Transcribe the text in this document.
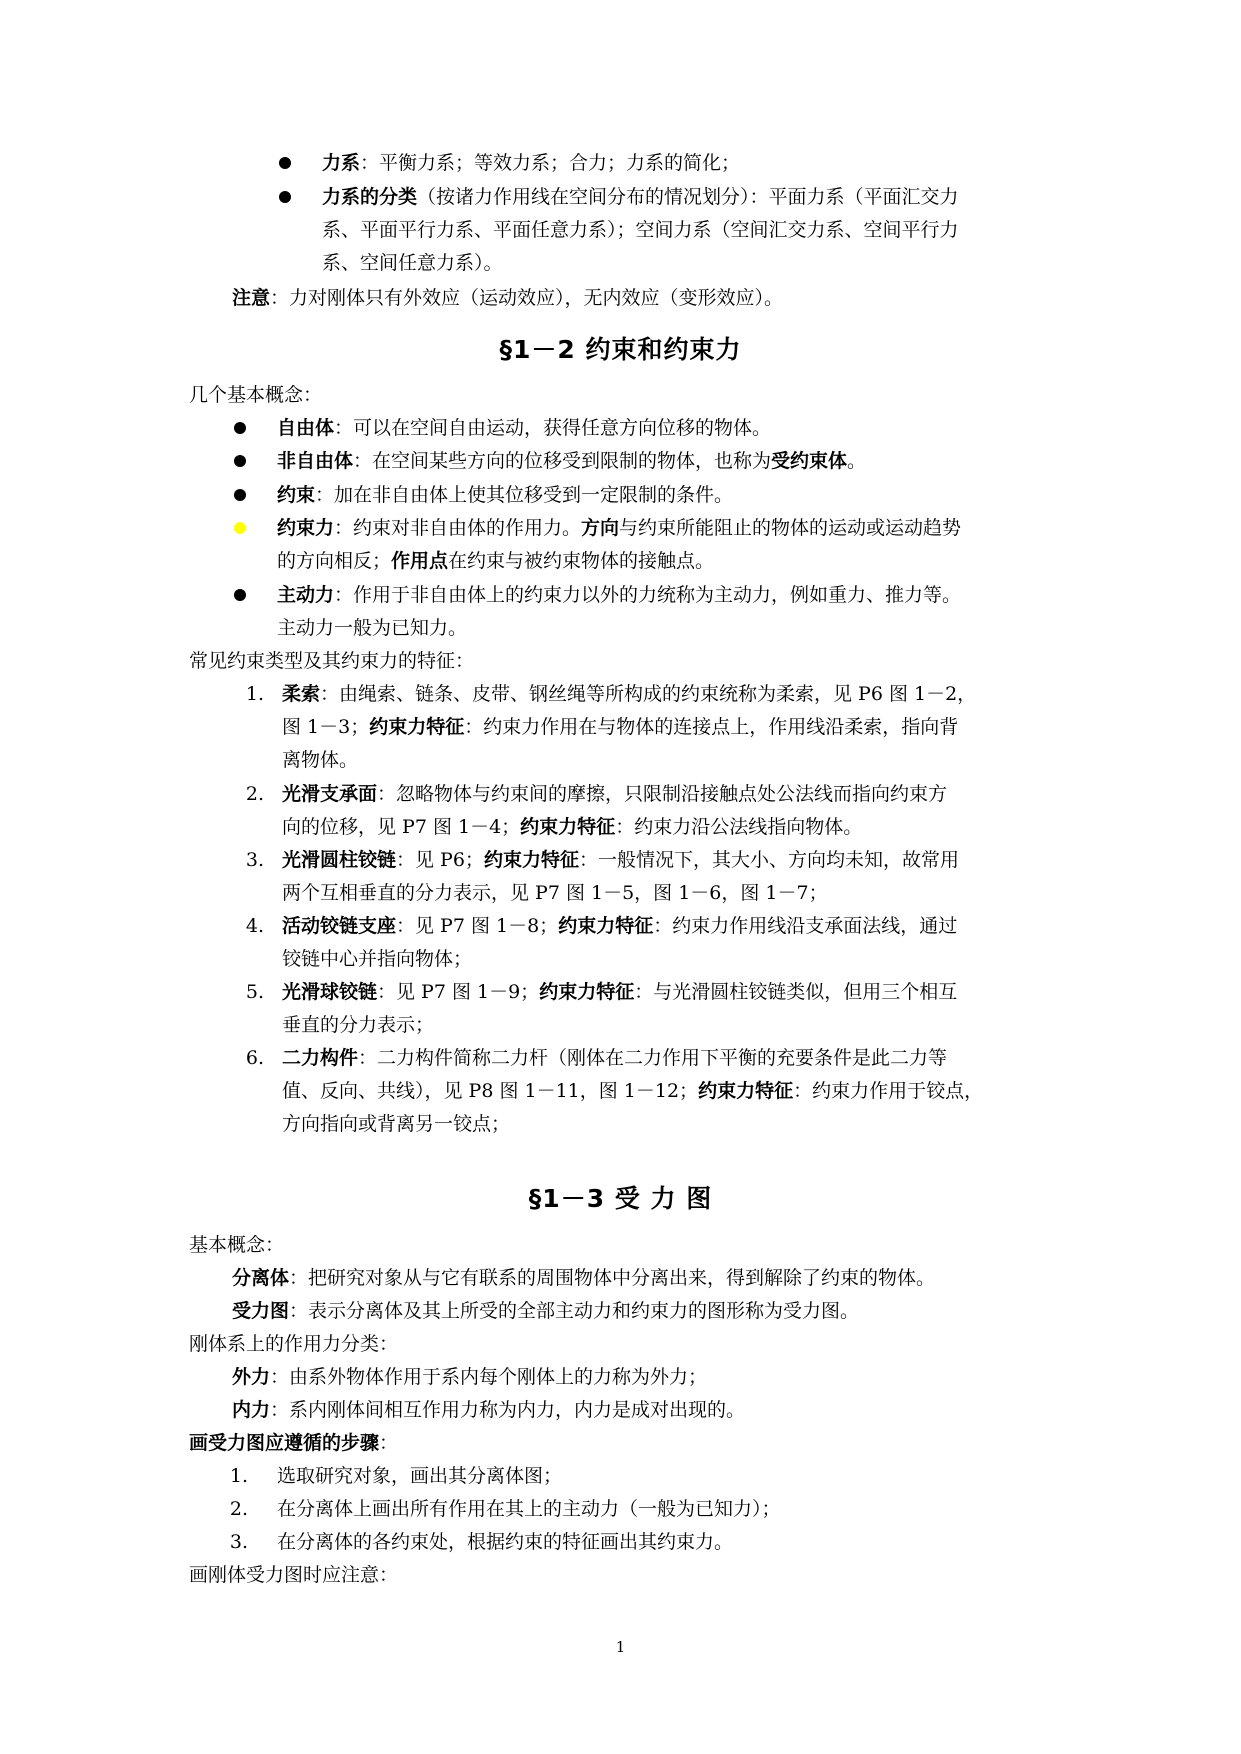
力系：平衡力系；等效力系；合力；力系的简化；
力系的分类（按诸力作用线在空间分布的情况划分）：平面力系（平面汇交力
系、平面平行力系、平面任意力系）；空间力系（空间汇交力系、空间平行力
系、空间任意力系）。
注意：力对刚体只有外效应（运动效应），无内效应（变形效应）。
§1－2 约束和约束力
几个基本概念：
自由体：可以在空间自由运动，获得任意方向位移的物体。
非自由体：在空间某些方向的位移受到限制的物体，也称为受约束体。
约束：加在非自由体上使其位移受到一定限制的条件。
约束力：约束对非自由体的作用力。方向与约束所能阻止的物体的运动或运动趋势
的方向相反；作用点在约束与被约束物体的接触点。
主动力：作用于非自由体上的约束力以外的力统称为主动力，例如重力、推力等。
主动力一般为已知力。
常见约束类型及其约束力的特征：
1. 柔索：由绳索、链条、皮带、钢丝绳等所构成的约束统称为柔索，见 P6 图 1－2，
图 1－3；约束力特征：约束力作用在与物体的连接点上，作用线沿柔索，指向背
离物体。
2. 光滑支承面：忽略物体与约束间的摩擦，只限制沿接触点处公法线而指向约束方
向的位移，见 P7 图 1－4；约束力特征：约束力沿公法线指向物体。
3. 光滑圆柱铰链：见 P6；约束力特征：一般情况下，其大小、方向均未知，故常用
两个互相垂直的分力表示，见 P7 图 1－5，图 1－6，图 1－7；
4. 活动铰链支座：见 P7 图 1－8；约束力特征：约束力作用线沿支承面法线，通过
铰链中心并指向物体；
5. 光滑球铰链：见 P7 图 1－9；约束力特征：与光滑圆柱铰链类似，但用三个相互
垂直的分力表示；
6. 二力构件：二力构件简称二力杆（刚体在二力作用下平衡的充要条件是此二力等
值、反向、共线），见 P8 图 1－11，图 1－12；约束力特征：约束力作用于铰点，
方向指向或背离另一铰点；
§1－3 受 力 图
基本概念：
分离体：把研究对象从与它有联系的周围物体中分离出来，得到解除了约束的物体。
受力图：表示分离体及其上所受的全部主动力和约束力的图形称为受力图。
刚体系上的作用力分类：
外力：由系外物体作用于系内每个刚体上的力称为外力；
内力：系内刚体间相互作用力称为内力，内力是成对出现的。
画受力图应遵循的步骤：
1. 选取研究对象，画出其分离体图；
2. 在分离体上画出所有作用在其上的主动力（一般为已知力）；
3. 在分离体的各约束处，根据约束的特征画出其约束力。
画刚体受力图时应注意：
1
